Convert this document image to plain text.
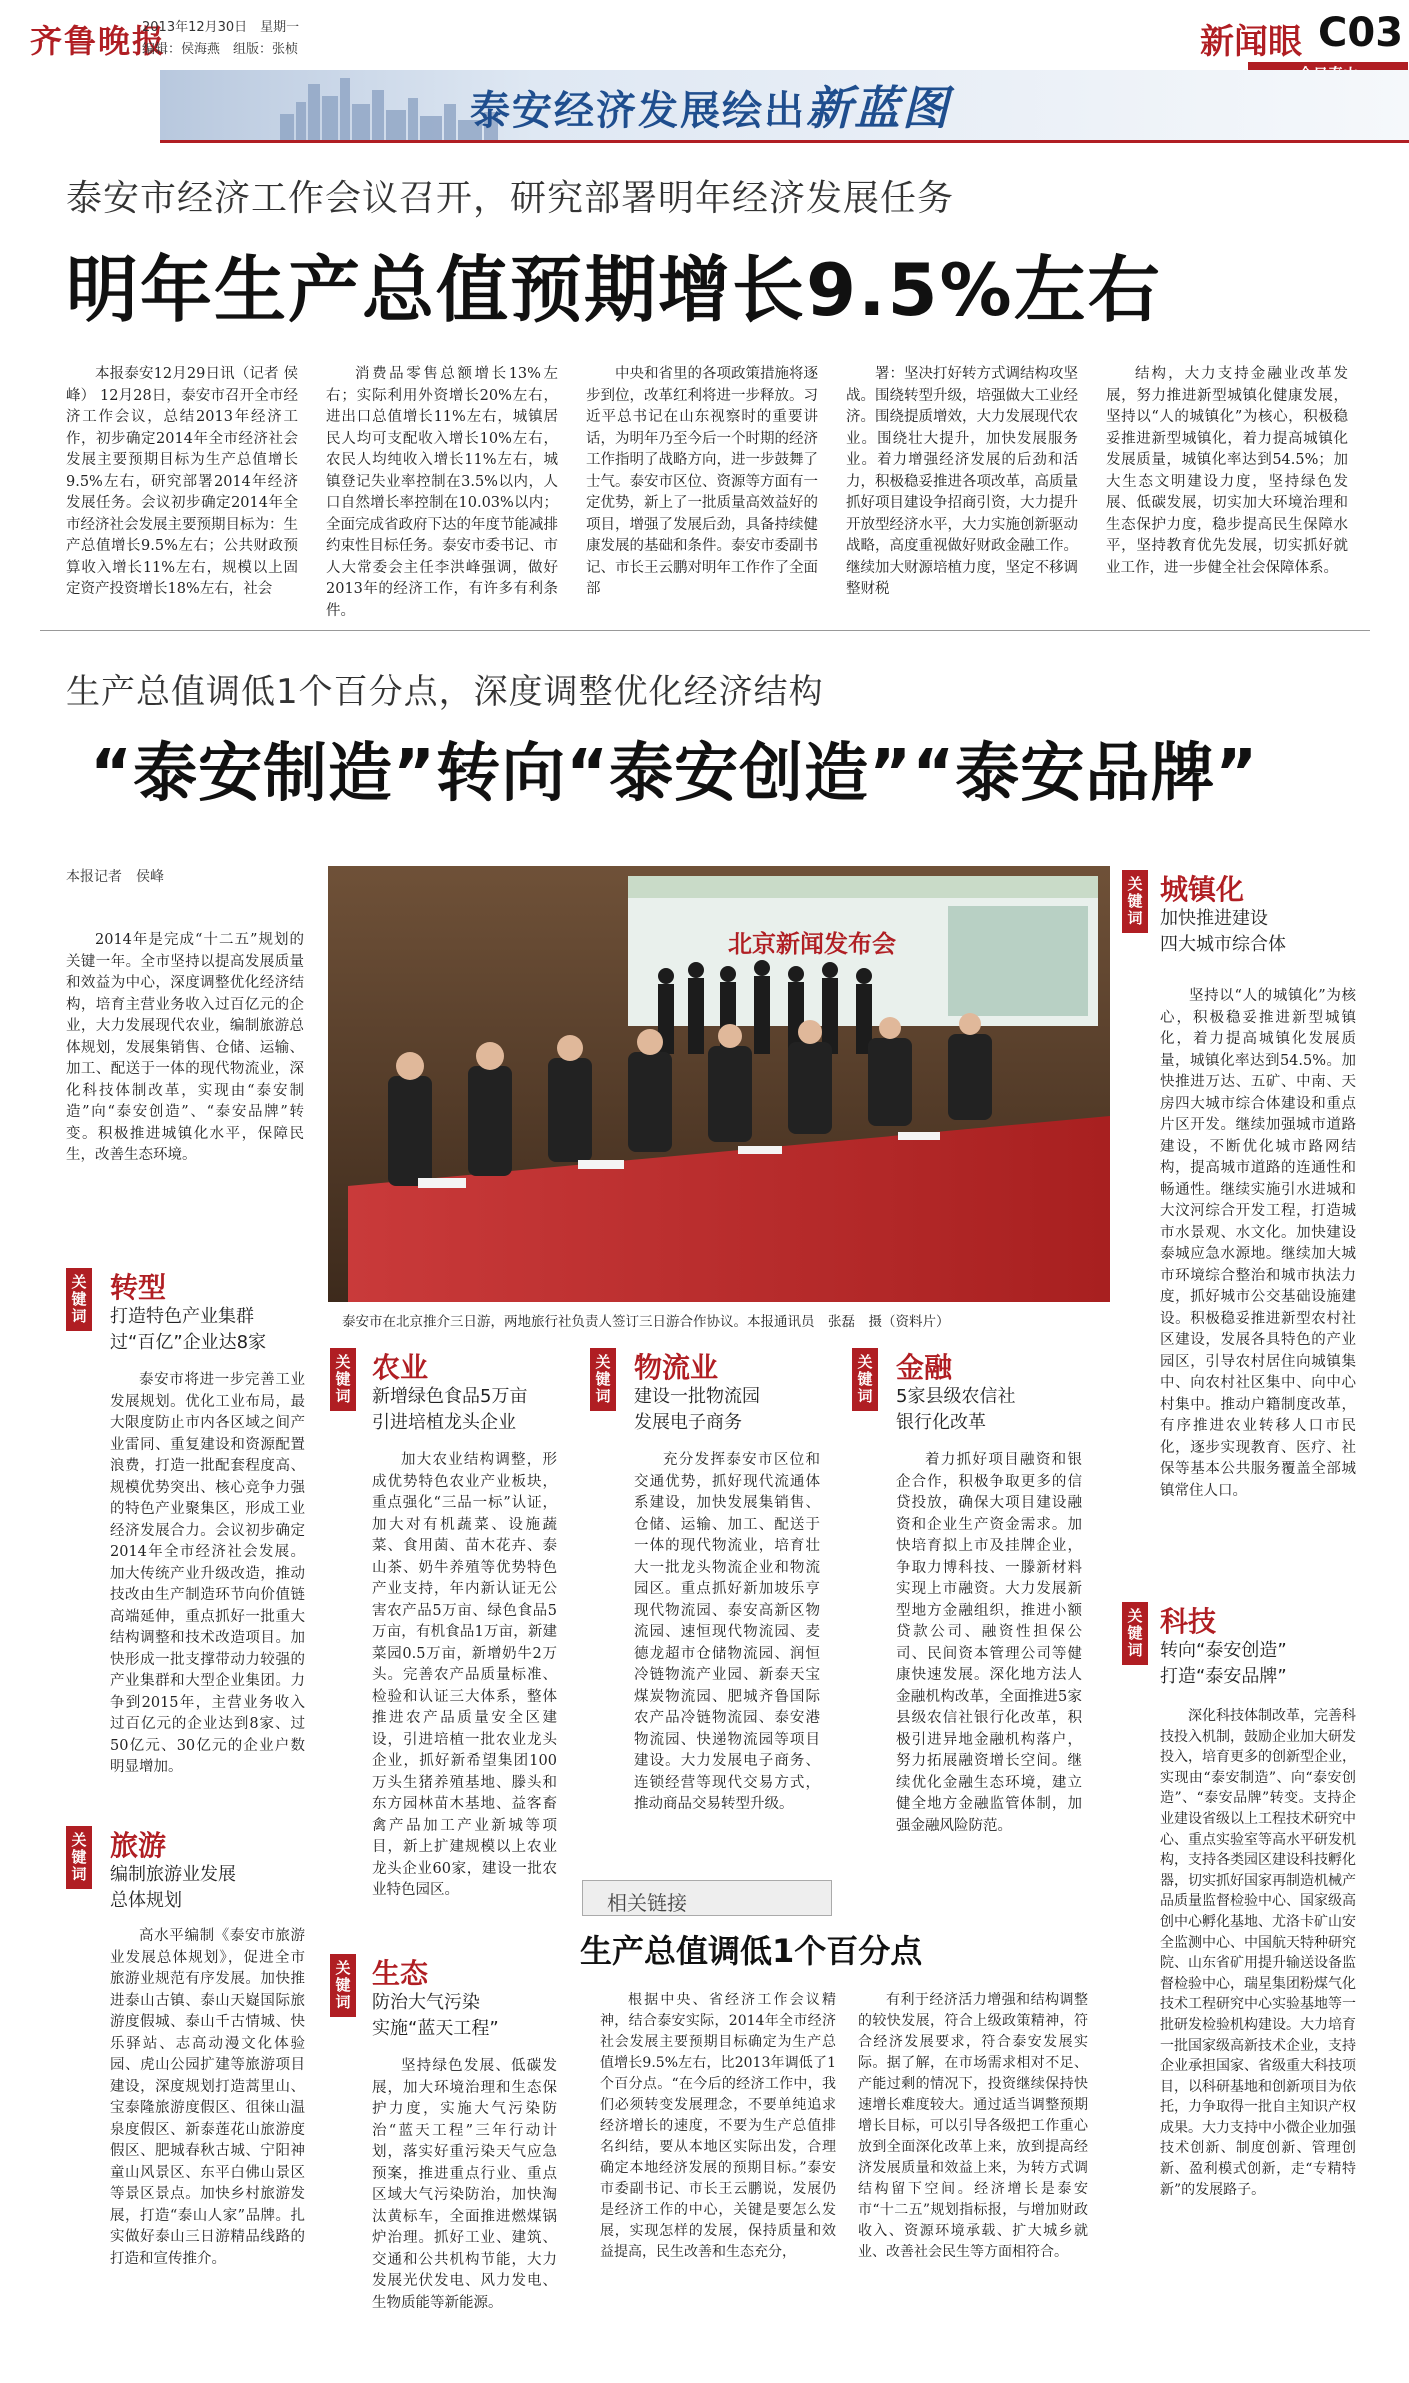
齐鲁晚报
2013年12月30日　星期一
编辑：侯海燕　组版：张桢	新闻眼 C03
泰安经济发展绘出新蓝图
泰安市经济工作会议召开，研究部署明年经济发展任务
明年生产总值预期增长9.5%左右

本报泰安12月29日讯（记者 侯峰） 12月28日，泰安市召开全市经济工作会议，总结2013年经济工作，初步确定2014年全市经济社会发展主要预期目标为生产总值增长9.5%左右，研究部署2014年经济发展任务。会议初步确定2014年全市经济社会发展主要预期目标为：生产总值增长9.5%左右；公共财政预算收入增长11%左右，规模以上固定资产投资增长18%左右，社会

消费品零售总额增长13%左右；实际利用外资增长20%左右，进出口总值增长11%左右，城镇居民人均可支配收入增长10%左右，农民人均纯收入增长11%左右，城镇登记失业率控制在3.5%以内，人口自然增长率控制在10.03%以内；全面完成省政府下达的年度节能减排约束性目标任务。泰安市委书记、市人大常委会主任李洪峰强调，做好2013年的经济工作，有许多有利条件。

中央和省里的各项政策措施将逐步到位，改革红利将进一步释放。习近平总书记在山东视察时的重要讲话，为明年乃至今后一个时期的经济工作指明了战略方向，进一步鼓舞了士气。泰安市区位、资源等方面有一定优势，新上了一批质量高效益好的项目，增强了发展后劲，具备持续健康发展的基础和条件。泰安市委副书记、市长王云鹏对明年工作作了全面部

署：坚决打好转方式调结构攻坚战。围绕转型升级，培强做大工业经济。围绕提质增效，大力发展现代农业。围绕壮大提升，加快发展服务业。着力增强经济发展的后劲和活力，积极稳妥推进各项改革，高质量抓好项目建设争招商引资，大力提升开放型经济水平，大力实施创新驱动战略，高度重视做好财政金融工作。继续加大财源培植力度，坚定不移调整财税

结构，大力支持金融业改革发展，努力推进新型城镇化健康发展，坚持以“人的城镇化”为核心，积极稳妥推进新型城镇化，着力提高城镇化发展质量，城镇化率达到54.5%；加大生态文明建设力度，坚持绿色发展、低碳发展，切实加大环境治理和生态保护力度，稳步提高民生保障水平，坚持教育优先发展，切实抓好就业工作，进一步健全社会保障体系。

生产总值调低1个百分点，深度调整优化经济结构
“泰安制造”转向“泰安创造”“泰安品牌”
本报记者　侯峰

2014年是完成“十二五”规划的关键一年。全市坚持以提高发展质量和效益为中心，深度调整优化经济结构，培育主营业务收入过百亿元的企业，大力发展现代农业，编制旅游总体规划，发展集销售、仓储、运输、加工、配送于一体的现代物流业，深化科技体制改革，实现由“泰安制造”向“泰安创造”、“泰安品牌”转变。积极推进城镇化水平，保障民生，改善生态环境。

北京新闻发布会
泰安市在北京推介三日游，两地旅行社负责人签订三日游合作协议。本报通讯员　张磊　摄（资料片）
关键词
转型
打造特色产业集群
过“百亿”企业达8家

泰安市将进一步完善工业发展规划。优化工业布局，最大限度防止市内各区域之间产业雷同、重复建设和资源配置浪费，打造一批配套程度高、规模优势突出、核心竞争力强的特色产业聚集区，形成工业经济发展合力。会议初步确定2014年全市经济社会发展。加大传统产业升级改造，推动技改由生产制造环节向价值链高端延伸，重点抓好一批重大结构调整和技术改造项目。加快形成一批支撑带动力较强的产业集群和大型企业集团。力争到2015年，主营业务收入过百亿元的企业达到8家、过50亿元、30亿元的企业户数明显增加。

关键词
旅游
编制旅游业发展
总体规划

高水平编制《泰安市旅游业发展总体规划》，促进全市旅游业规范有序发展。加快推进泰山古镇、泰山天嶷国际旅游度假城、泰山千古情城、快乐驿站、志高动漫文化体验园、虎山公园扩建等旅游项目建设，深度规划打造蒿里山、宝泰隆旅游度假区、徂徕山温泉度假区、新泰莲花山旅游度假区、肥城春秋古城、宁阳神童山风景区、东平白佛山景区等景区景点。加快乡村旅游发展，打造“泰山人家”品牌。扎实做好泰山三日游精品线路的打造和宣传推介。

关键词
农业
新增绿色食品5万亩
引进培植龙头企业

加大农业结构调整，形成优势特色农业产业板块，重点强化“三品一标”认证，加大对有机蔬菜、设施蔬菜、食用菌、苗木花卉、泰山茶、奶牛养殖等优势特色产业支持，年内新认证无公害农产品5万亩、绿色食品5万亩，有机食品1万亩，新建菜园0.5万亩，新增奶牛2万头。完善农产品质量标准、检验和认证三大体系，整体推进农产品质量安全区建设，引进培植一批农业龙头企业，抓好新希望集团100万头生猪养殖基地、滕头和东方园林苗木基地、益客畜禽产品加工产业新城等项目，新上扩建规模以上农业龙头企业60家，建设一批农业特色园区。

关键词
生态
防治大气污染
实施“蓝天工程”

坚持绿色发展、低碳发展，加大环境治理和生态保护力度，实施大气污染防治“蓝天工程”三年行动计划，落实好重污染天气应急预案，推进重点行业、重点区域大气污染防治，加快淘汰黄标车，全面推进燃煤锅炉治理。抓好工业、建筑、交通和公共机构节能，大力发展光伏发电、风力发电、生物质能等新能源。

关键词
物流业
建设一批物流园
发展电子商务

充分发挥泰安市区位和交通优势，抓好现代流通体系建设，加快发展集销售、仓储、运输、加工、配送于一体的现代物流业，培育壮大一批龙头物流企业和物流园区。重点抓好新加坡乐亨现代物流园、泰安高新区物流园、速恒现代物流园、麦德龙超市仓储物流园、润恒冷链物流产业园、新泰天宝煤炭物流园、肥城齐鲁国际农产品冷链物流园、泰安港物流园、快递物流园等项目建设。大力发展电子商务、连锁经营等现代交易方式，推动商品交易转型升级。

关键词
金融
5家县级农信社
银行化改革

着力抓好项目融资和银企合作，积极争取更多的信贷投放，确保大项目建设融资和企业生产资金需求。加快培育拟上市及挂牌企业，争取力博科技、一滕新材料实现上市融资。大力发展新型地方金融组织，推进小额贷款公司、融资性担保公司、民间资本管理公司等健康快速发展。深化地方法人金融机构改革，全面推进5家县级农信社银行化改革，积极引进异地金融机构落户，努力拓展融资增长空间。继续优化金融生态环境，建立健全地方金融监管体制，加强金融风险防范。

相关链接
生产总值调低1个百分点

根据中央、省经济工作会议精神，结合泰安实际，2014年全市经济社会发展主要预期目标确定为生产总值增长9.5%左右，比2013年调低了1个百分点。“在今后的经济工作中，我们必须转变发展理念，不要单纯追求经济增长的速度，不要为生产总值排名纠结，要从本地区实际出发，合理确定本地经济发展的预期目标。”泰安市委副书记、市长王云鹏说，发展仍是经济工作的中心，关键是要怎么发展，实现怎样的发展，保持质量和效益提高，民生改善和生态充分，

有利于经济活力增强和结构调整的较快发展，符合上级政策精神，符合经济发展要求，符合泰安发展实际。据了解，在市场需求相对不足、产能过剩的情况下，投资继续保持快速增长难度较大。通过适当调整预期增长目标，可以引导各级把工作重心放到全面深化改革上来，放到提高经济发展质量和效益上来，为转方式调结构留下空间。经济增长是泰安市“十二五”规划指标报，与增加财政收入、资源环境承载、扩大城乡就业、改善社会民生等方面相符合。

关键词
城镇化
加快推进建设
四大城市综合体

坚持以“人的城镇化”为核心，积极稳妥推进新型城镇化，着力提高城镇化发展质量，城镇化率达到54.5%。加快推进万达、五矿、中南、天房四大城市综合体建设和重点片区开发。继续加强城市道路建设，不断优化城市路网结构，提高城市道路的连通性和畅通性。继续实施引水进城和大汶河综合开发工程，打造城市水景观、水文化。加快建设泰城应急水源地。继续加大城市环境综合整治和城市执法力度，抓好城市公交基础设施建设。积极稳妥推进新型农村社区建设，发展各具特色的产业园区，引导农村居住向城镇集中、向农村社区集中、向中心村集中。推动户籍制度改革，有序推进农业转移人口市民化，逐步实现教育、医疗、社保等基本公共服务覆盖全部城镇常住人口。

关键词
科技
转向“泰安创造”
打造“泰安品牌”

深化科技体制改革，完善科技投入机制，鼓励企业加大研发投入，培育更多的创新型企业，实现由“泰安制造”、向“泰安创造”、“泰安品牌”转变。支持企业建设省级以上工程技术研究中心、重点实验室等高水平研发机构，支持各类园区建设科技孵化器，切实抓好国家再制造机械产品质量监督检验中心、国家级高创中心孵化基地、尤洛卡矿山安全监测中心、中国航天特种研究院、山东省矿用提升输送设备监督检验中心，瑞星集团粉煤气化技术工程研究中心实验基地等一批研发检验机构建设。大力培育一批国家级高新技术企业，支持企业承担国家、省级重大科技项目，以科研基地和创新项目为依托，力争取得一批自主知识产权成果。大力支持中小微企业加强技术创新、制度创新、管理创新、盈利模式创新，走“专精特新”的发展路子。
